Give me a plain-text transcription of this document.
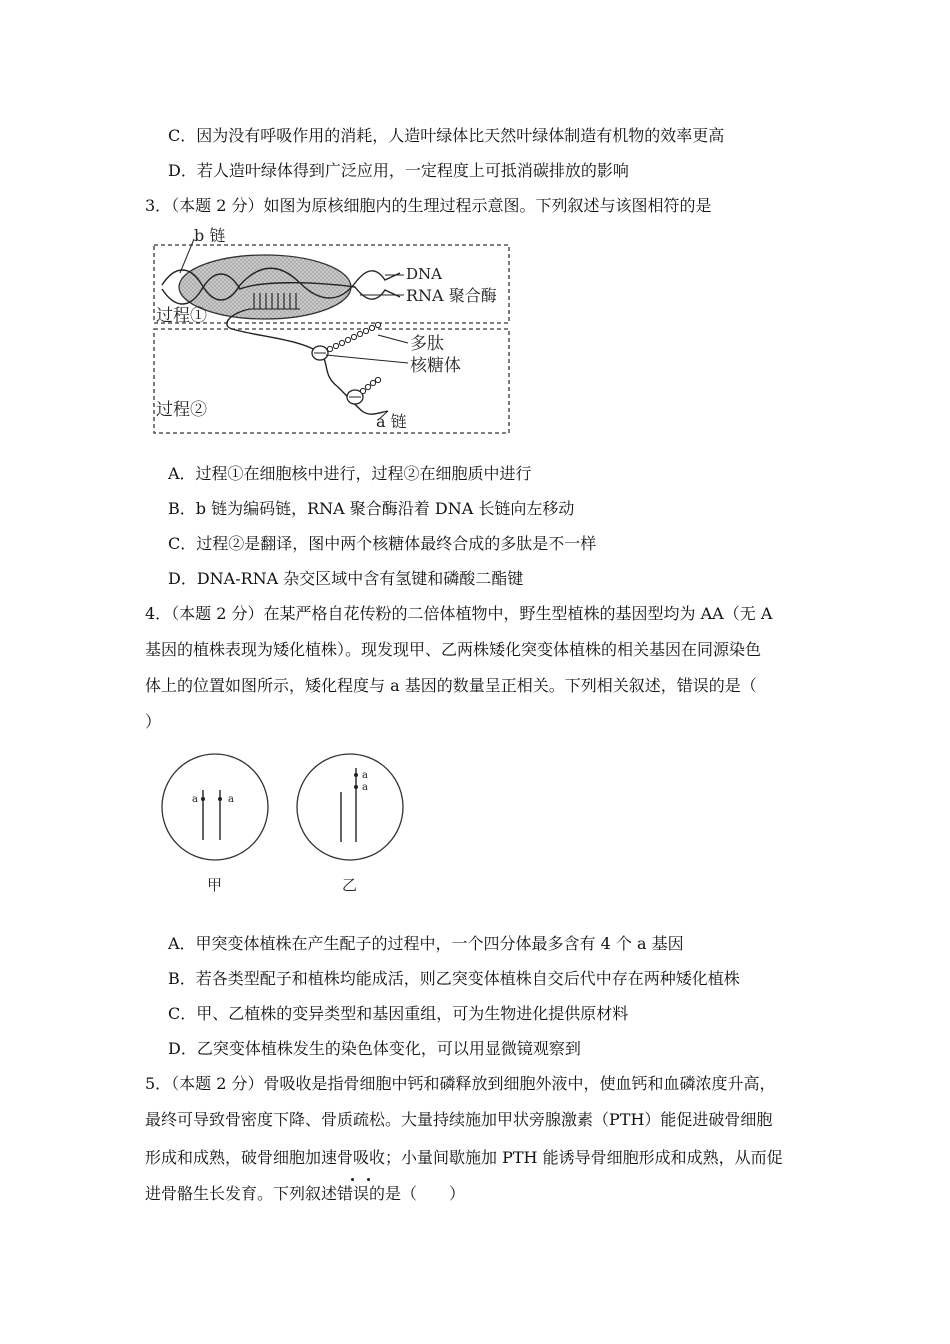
C．因为没有呼吸作用的消耗，人造叶绿体比天然叶绿体制造有机物的效率更高
D．若人造叶绿体得到广泛应用，一定程度上可抵消碳排放的影响
3．（本题 2 分）如图为原核细胞内的生理过程示意图。下列叙述与该图相符的是
b 链
DNA
RNA 聚合酶
过程①
多肽
核糖体
过程②
a 链
A．过程①在细胞核中进行，过程②在细胞质中进行
B．b 链为编码链，RNA 聚合酶沿着 DNA 长链向左移动
C．过程②是翻译，图中两个核糖体最终合成的多肽是不一样
D．DNA-RNA 杂交区域中含有氢键和磷酸二酯键
4．（本题 2 分）在某严格自花传粉的二倍体植物中，野生型植株的基因型均为 AA（无 A
基因的植株表现为矮化植株）。现发现甲、乙两株矮化突变体植株的相关基因在同源染色
体上的位置如图所示，矮化程度与 a 基因的数量呈正相关。下列相关叙述，错误的是（
）
a	a
a
a
甲	乙
A．甲突变体植株在产生配子的过程中，一个四分体最多含有 4 个 a 基因
B．若各类型配子和植株均能成活，则乙突变体植株自交后代中存在两种矮化植株
C．甲、乙植株的变异类型和基因重组，可为生物进化提供原材料
D．乙突变体植株发生的染色体变化，可以用显微镜观察到
5．（本题 2 分）骨吸收是指骨细胞中钙和磷释放到细胞外液中，使血钙和血磷浓度升高，
最终可导致骨密度下降、骨质疏松。大量持续施加甲状旁腺激素（PTH）能促进破骨细胞
形成和成熟，破骨细胞加速骨吸收；小量间歇施加 PTH 能诱导骨细胞形成和成熟，从而促
进骨骼生长发育。下列叙述错误的是（　　）
